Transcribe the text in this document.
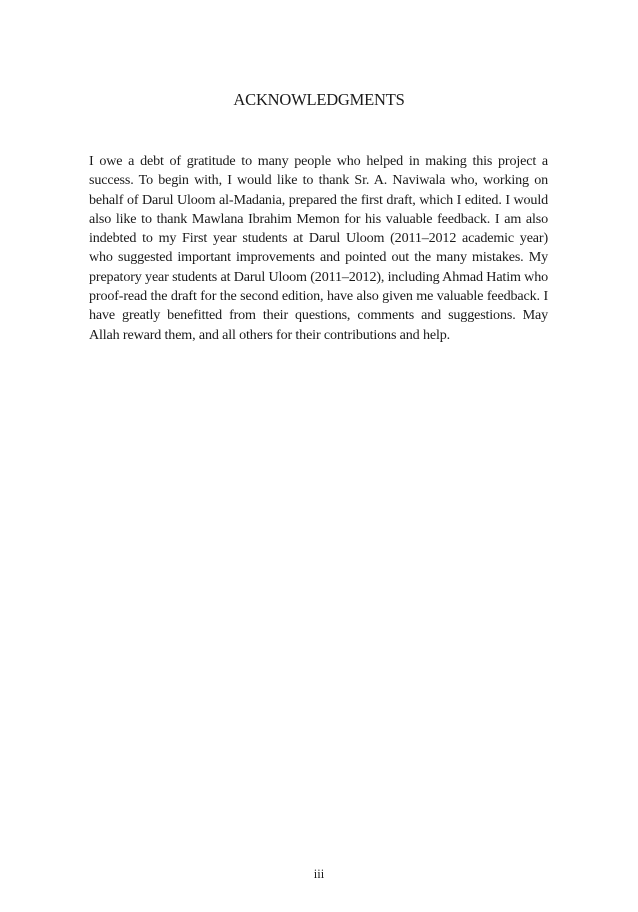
ACKNOWLEDGMENTS

I owe a debt of gratitude to many people who helped in making this project a success. To begin with, I would like to thank Sr. A. Naviwala who, working on behalf of Darul Uloom al-Madania, prepared the first draft, which I edited. I would also like to thank Mawlana Ibrahim Memon for his valuable feedback. I am also indebted to my First year students at Darul Uloom (2011–2012 academic year) who suggested important improvements and pointed out the many mistakes. My prepatory year students at Darul Uloom (2011–2012), including Ahmad Hatim who proof-read the draft for the second edition, have also given me valuable feedback. I have greatly benefitted from their questions, comments and suggestions. May Allah reward them, and all others for their contributions and help.

iii
